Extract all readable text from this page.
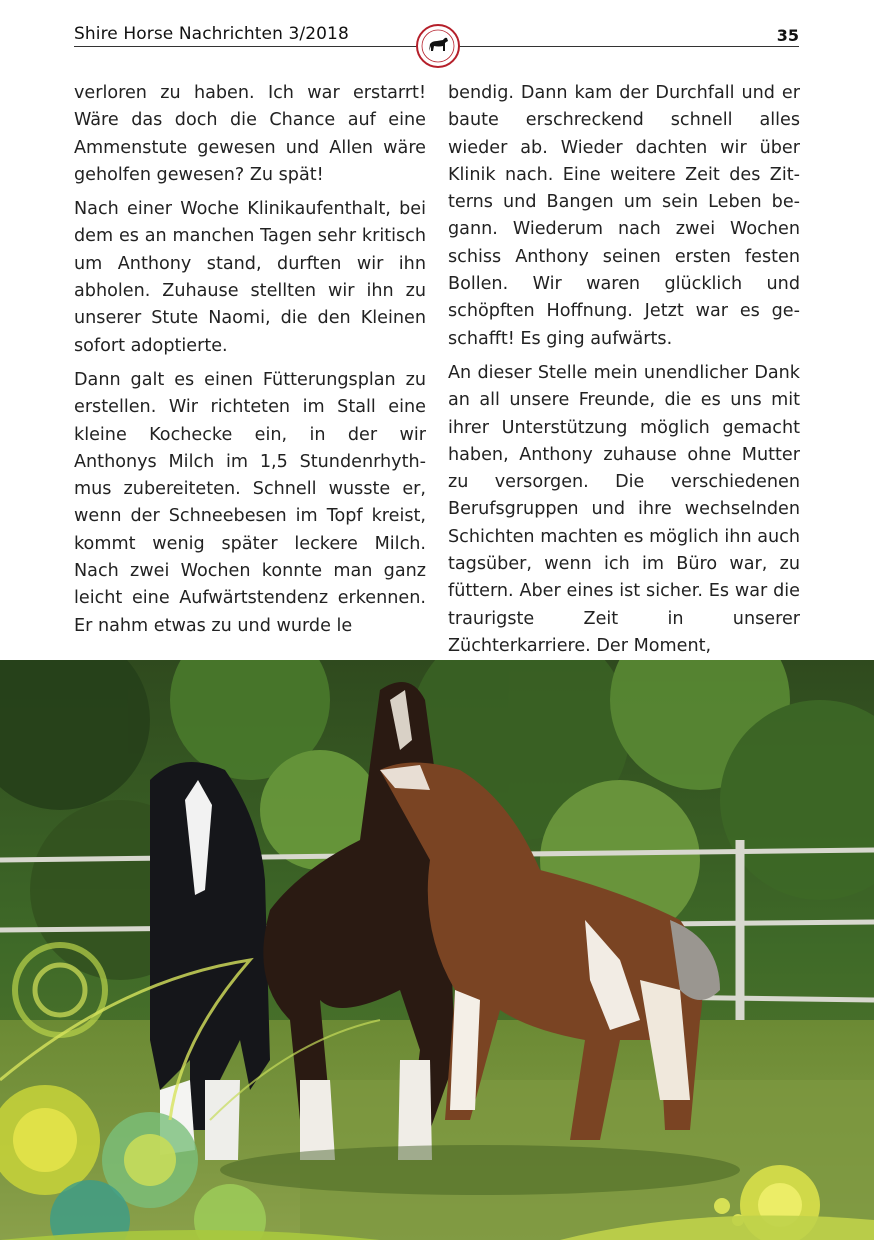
Shire Horse Nachrichten 3/2018	35

verloren zu haben. Ich war erstarrt! Wäre das doch die Chance auf eine Ammenstute gewesen und Allen wäre geholfen gewesen? Zu spät!

Nach einer Woche Klinikaufenthalt, bei dem es an manchen Tagen sehr kritisch um Anthony stand, durften wir ihn abholen. Zuhause stellten wir ihn zu unserer Stute Naomi, die den Kleinen sofort adoptierte.

Dann galt es einen Fütterungsplan zu erstellen. Wir richteten im Stall eine kleine Kochecke ein, in der wir Anthonys Milch im 1,5 Stundenrhythmus zubereiteten. Schnell wusste er, wenn der Schneebesen im Topf kreist, kommt wenig später leckere Milch. Nach zwei Wochen konnte man ganz leicht eine Aufwärtstendenz erkennen. Er nahm etwas zu und wurde le

bendig. Dann kam der Durchfall und er baute erschreckend schnell alles wieder ab. Wieder dachten wir über Klinik nach. Eine weitere Zeit des Zitterns und Bangen um sein Leben begann. Wiederum nach zwei Wochen schiss Anthony seinen ersten festen Bollen. Wir waren glücklich und schöpften Hoffnung. Jetzt war es geschafft! Es ging aufwärts.

An dieser Stelle mein unendlicher Dank an all unsere Freunde, die es uns mit ihrer Unterstützung möglich gemacht haben, Anthony zuhause ohne Mutter zu versorgen. Die verschiedenen Berufsgruppen und ihre wechselnden Schichten machten es möglich ihn auch tagsüber, wenn ich im Büro war, zu füttern. Aber eines ist sicher. Es war die traurigste Zeit in unserer Züchterkarriere. Der Moment,
